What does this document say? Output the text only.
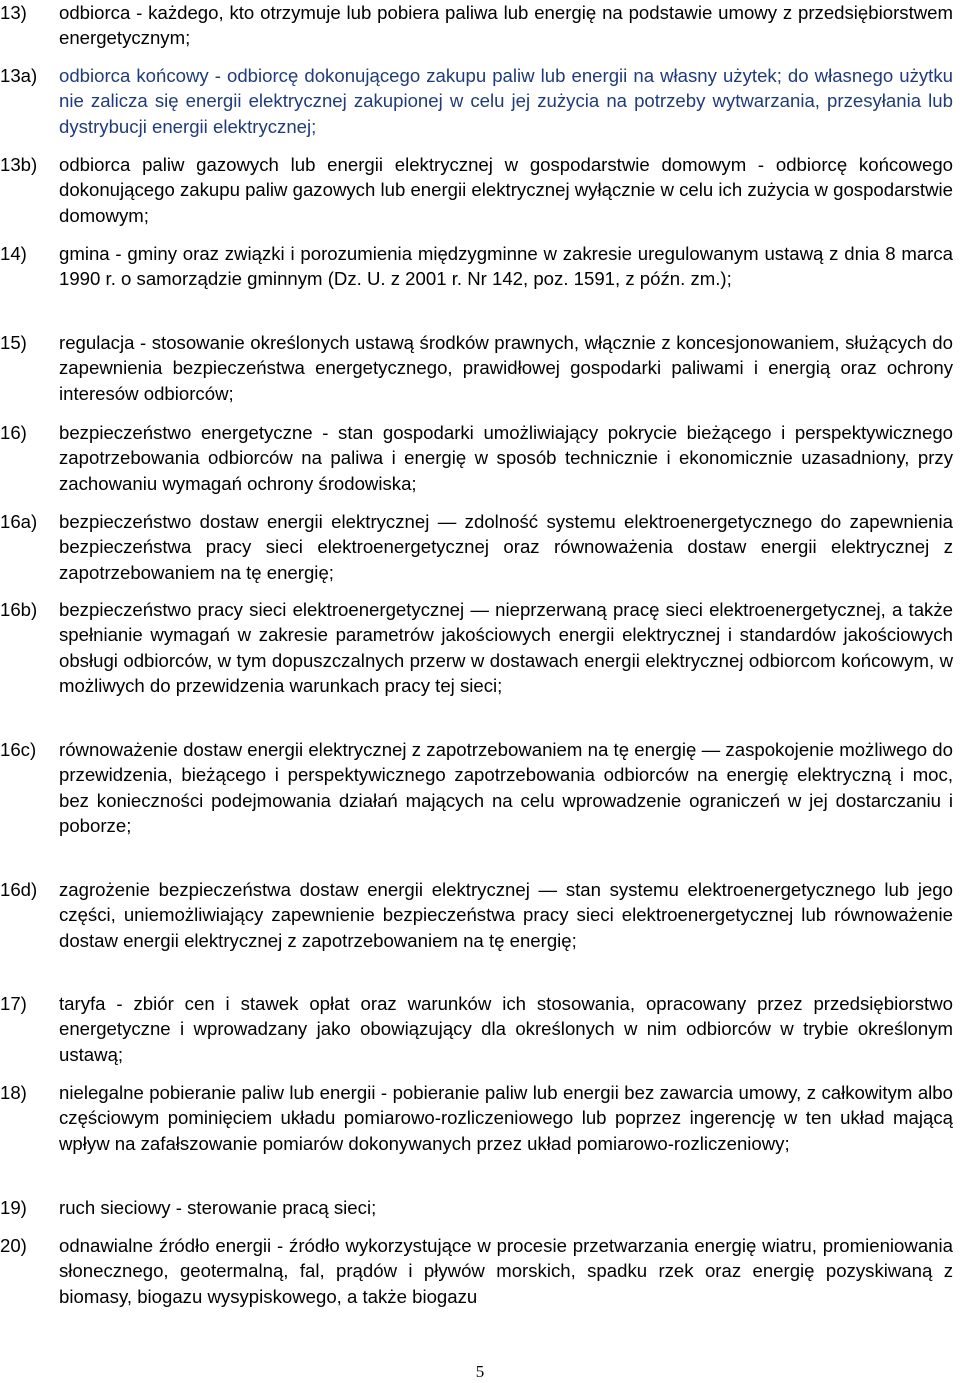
13) odbiorca - każdego, kto otrzymuje lub pobiera paliwa lub energię na podstawie umowy z przedsiębiorstwem energetycznym;
13a) odbiorca końcowy - odbiorcę dokonującego zakupu paliw lub energii na własny użytek; do własnego użytku nie zalicza się energii elektrycznej zakupionej w celu jej zużycia na potrzeby wytwarzania, przesyłania lub dystrybucji energii elektrycznej;
13b) odbiorca paliw gazowych lub energii elektrycznej w gospodarstwie domowym - odbiorcę końcowego dokonującego zakupu paliw gazowych lub energii elektrycznej wyłącznie w celu ich zużycia w gospodarstwie domowym;
14) gmina - gminy oraz związki i porozumienia międzygminne w zakresie uregulowanym ustawą z dnia 8 marca 1990 r. o samorządzie gminnym (Dz. U. z 2001 r. Nr 142, poz. 1591, z późn. zm.);
15) regulacja - stosowanie określonych ustawą środków prawnych, włącznie z koncesjonowaniem, służących do zapewnienia bezpieczeństwa energetycznego, prawidłowej gospodarki paliwami i energią oraz ochrony interesów odbiorców;
16) bezpieczeństwo energetyczne - stan gospodarki umożliwiający pokrycie bieżącego i perspektywicznego zapotrzebowania odbiorców na paliwa i energię w sposób technicznie i ekonomicznie uzasadniony, przy zachowaniu wymagań ochrony środowiska;
16a) bezpieczeństwo dostaw energii elektrycznej — zdolność systemu elektroenergetycznego do zapewnienia bezpieczeństwa pracy sieci elektroenergetycznej oraz równoważenia dostaw energii elektrycznej z zapotrzebowaniem na tę energię;
16b) bezpieczeństwo pracy sieci elektroenergetycznej — nieprzerwaną pracę sieci elektroenergetycznej, a także spełnianie wymagań w zakresie parametrów jakościowych energii elektrycznej i standardów jakościowych obsługi odbiorców, w tym dopuszczalnych przerw w dostawach energii elektrycznej odbiorcom końcowym, w możliwych do przewidzenia warunkach pracy tej sieci;
16c) równoważenie dostaw energii elektrycznej z zapotrzebowaniem na tę energię — zaspokojenie możliwego do przewidzenia, bieżącego i perspektywicznego zapotrzebowania odbiorców na energię elektryczną i moc, bez konieczności podejmowania działań mających na celu wprowadzenie ograniczeń w jej dostarczaniu i poborze;
16d) zagrożenie bezpieczeństwa dostaw energii elektrycznej — stan systemu elektroenergetycznego lub jego części, uniemożliwiający zapewnienie bezpieczeństwa pracy sieci elektroenergetycznej lub równoważenie dostaw energii elektrycznej z zapotrzebowaniem na tę energię;
17) taryfa - zbiór cen i stawek opłat oraz warunków ich stosowania, opracowany przez przedsiębiorstwo energetyczne i wprowadzany jako obowiązujący dla określonych w nim odbiorców w trybie określonym ustawą;
18) nielegalne pobieranie paliw lub energii - pobieranie paliw lub energii bez zawarcia umowy, z całkowitym albo częściowym pominięciem układu pomiarowo-rozliczeniowego lub poprzez ingerencję w ten układ mającą wpływ na zafałszowanie pomiarów dokonywanych przez układ pomiarowo-rozliczeniowy;
19) ruch sieciowy - sterowanie pracą sieci;
20) odnawialne źródło energii - źródło wykorzystujące w procesie przetwarzania energię wiatru, promieniowania słonecznego, geotermalną, fal, prądów i pływów morskich, spadku rzek oraz energię pozyskiwaną z biomasy, biogazu wysypiskowego, a także biogazu
5
